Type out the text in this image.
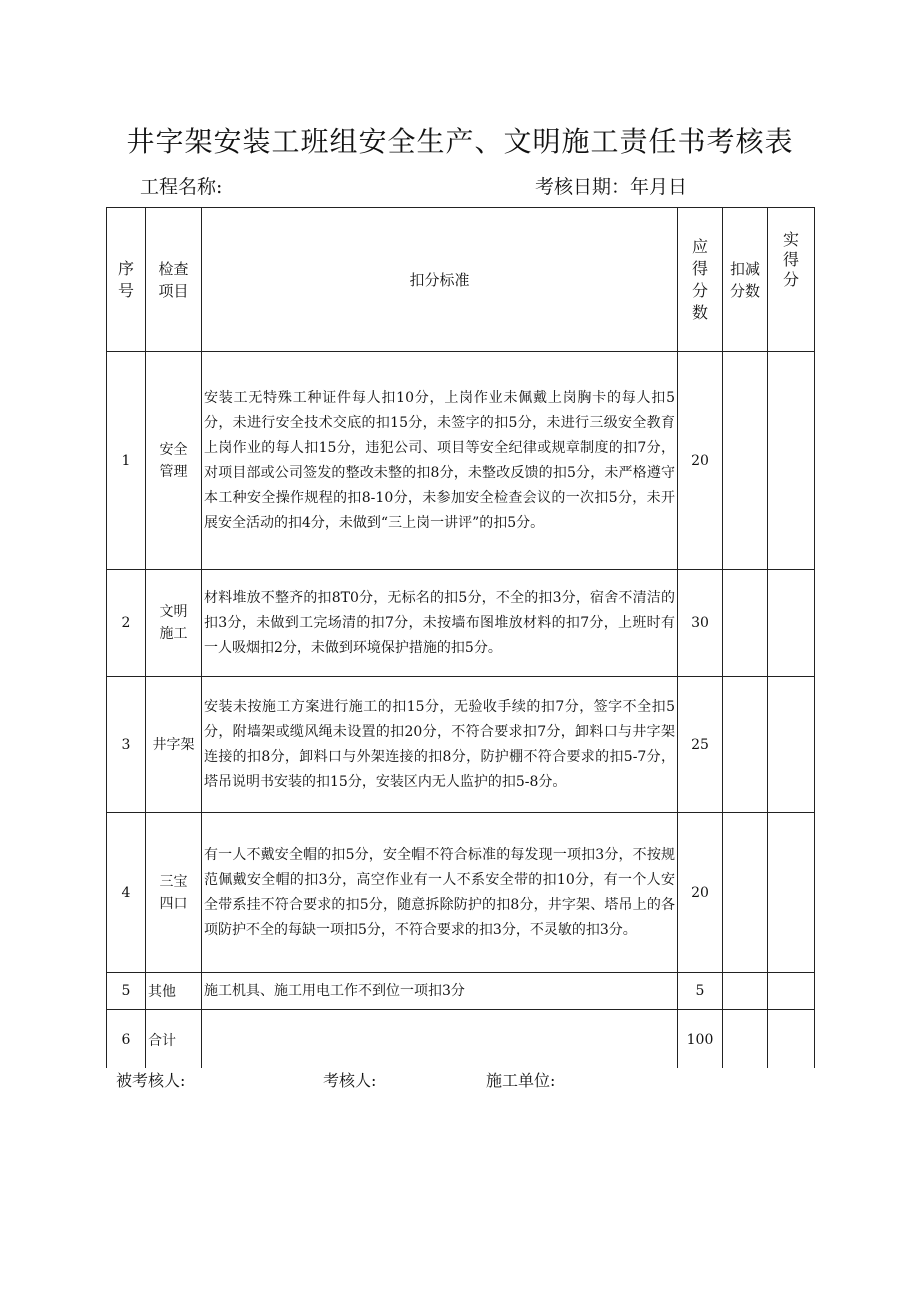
井字架安装工班组安全生产、文明施工责任书考核表
工程名称:	考核日期：年月日
序号	检查项目	扣分标准	应得分数	扣减分数	实得分
1	安全管理	安装工无特殊工种证件每人扣10分，上岗作业未佩戴上岗胸卡的每人扣5分，未进行安全技术交底的扣15分，未签字的扣5分，未进行三级安全教育上岗作业的每人扣15分，违犯公司、项目等安全纪律或规章制度的扣7分，对项目部或公司签发的整改未整的扣8分，未整改反馈的扣5分，未严格遵守本工种安全操作规程的扣8-10分，未参加安全检查会议的一次扣5分，未开展安全活动的扣4分，未做到“三上岗一讲评”的扣5分。	20		
2	文明施工	材料堆放不整齐的扣8T0分，无标名的扣5分，不全的扣3分，宿舍不清洁的扣3分，未做到工完场清的扣7分，未按墙布图堆放材料的扣7分，上班时有一人吸烟扣2分，未做到环境保护措施的扣5分。	30		
3	井字架	安装未按施工方案进行施工的扣15分，无验收手续的扣7分，签字不全扣5分，附墙架或缆风绳未设置的扣20分，不符合要求扣7分，卸料口与井字架连接的扣8分，卸料口与外架连接的扣8分，防护棚不符合要求的扣5-7分，塔吊说明书安装的扣15分，安装区内无人监护的扣5-8分。	25		
4	三宝四口	有一人不戴安全帽的扣5分，安全帽不符合标准的每发现一项扣3分，不按规范佩戴安全帽的扣3分，高空作业有一人不系安全带的扣10分，有一个人安全带系挂不符合要求的扣5分，随意拆除防护的扣8分，井字架、塔吊上的各项防护不全的每缺一项扣5分，不符合要求的扣3分，不灵敏的扣3分。	20		
5	其他	施工机具、施工用电工作不到位一项扣3分	5		
6	合计		100		
被考核人:	考核人:	施工单位:
